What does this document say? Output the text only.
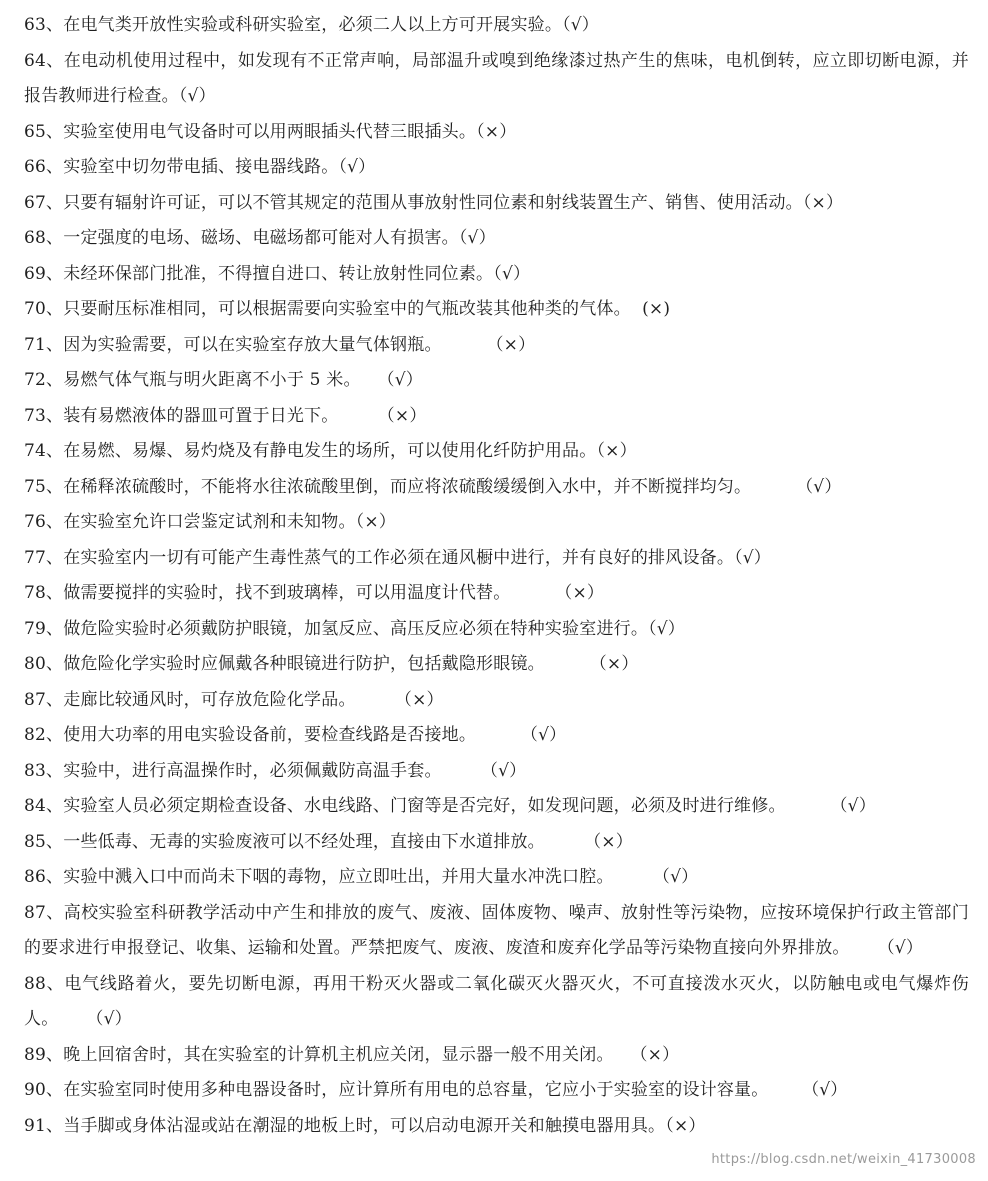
63、在电气类开放性实验或科研实验室，必须二人以上方可开展实验。（√）
64、在电动机使用过程中，如发现有不正常声响，局部温升或嗅到绝缘漆过热产生的焦味，电机倒转，应立即切断电源，并报告教师进行检查。（√）
65、实验室使用电气设备时可以用两眼插头代替三眼插头。（×）
66、实验室中切勿带电插、接电器线路。（√）
67、只要有辐射许可证，可以不管其规定的范围从事放射性同位素和射线装置生产、销售、使用活动。（×）
68、一定强度的电场、磁场、电磁场都可能对人有损害。（√）
69、未经环保部门批准，不得擅自进口、转让放射性同位素。（√）
70、只要耐压标准相同，可以根据需要向实验室中的气瓶改装其他种类的气体。  (×)
71、因为实验需要，可以在实验室存放大量气体钢瓶。        （×）
72、易燃气体气瓶与明火距离不小于 5 米。   （√）
73、装有易燃液体的器皿可置于日光下。       （×）
74、在易燃、易爆、易灼烧及有静电发生的场所，可以使用化纤防护用品。（×）
75、在稀释浓硫酸时，不能将水往浓硫酸里倒，而应将浓硫酸缓缓倒入水中，并不断搅拌均匀。        （√）
76、在实验室允许口尝鉴定试剂和未知物。（×）
77、在实验室内一切有可能产生毒性蒸气的工作必须在通风橱中进行，并有良好的排风设备。（√）
78、做需要搅拌的实验时，找不到玻璃棒，可以用温度计代替。        （×）
79、做危险实验时必须戴防护眼镜，加氢反应、高压反应必须在特种实验室进行。（√）
80、做危险化学实验时应佩戴各种眼镜进行防护，包括戴隐形眼镜。        （×）
87、走廊比较通风时，可存放危险化学品。       （×）
82、使用大功率的用电实验设备前，要检查线路是否接地。        （√）
83、实验中，进行高温操作时，必须佩戴防高温手套。       （√）
84、实验室人员必须定期检查设备、水电线路、门窗等是否完好，如发现问题，必须及时进行维修。        （√）
85、一些低毒、无毒的实验废液可以不经处理，直接由下水道排放。       （×）
86、实验中溅入口中而尚未下咽的毒物，应立即吐出，并用大量水冲洗口腔。       （√）
87、高校实验室科研教学活动中产生和排放的废气、废液、固体废物、噪声、放射性等污染物，应按环境保护行政主管部门的要求进行申报登记、收集、运输和处置。严禁把废气、废液、废渣和废弃化学品等污染物直接向外界排放。     （√）
88、电气线路着火，要先切断电源，再用干粉灭火器或二氧化碳灭火器灭火，不可直接泼水灭火，以防触电或电气爆炸伤人。     （√）
89、晚上回宿舍时，其在实验室的计算机主机应关闭，显示器一般不用关闭。   （×）
90、在实验室同时使用多种电器设备时，应计算所有用电的总容量，它应小于实验室的设计容量。      （√）
91、当手脚或身体沾湿或站在潮湿的地板上时，可以启动电源开关和触摸电器用具。（×）
https://blog.csdn.net/weixin_41730008
